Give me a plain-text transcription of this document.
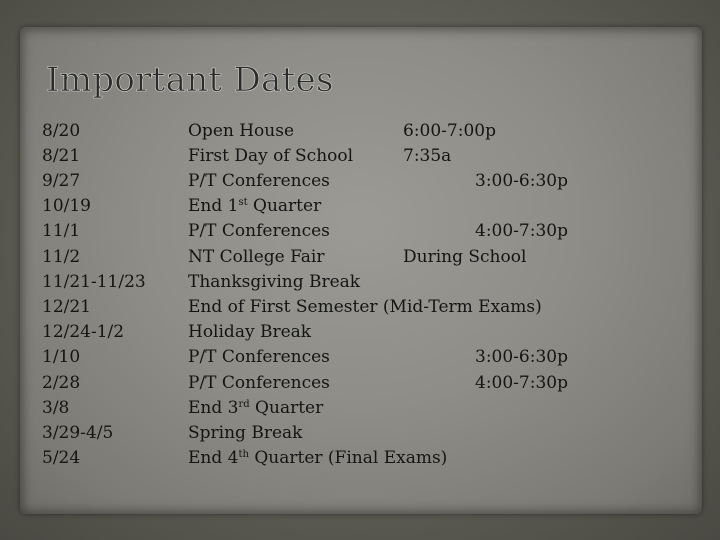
Important Dates
8/20	Open House	6:00-7:00p
8/21	First Day of School	7:35a
9/27	P/T Conferences	3:00-6:30p
10/19	End 1st Quarter
11/1	P/T Conferences	4:00-7:30p
11/2	NT College Fair	During School
11/21-11/23 Thanksgiving Break
12/21	End of First Semester (Mid-Term Exams)
12/24-1/2	Holiday Break
1/10	P/T Conferences	3:00-6:30p
2/28	P/T Conferences	4:00-7:30p
3/8	End 3rd Quarter
3/29-4/5	Spring Break
5/24	End 4th Quarter (Final Exams)
